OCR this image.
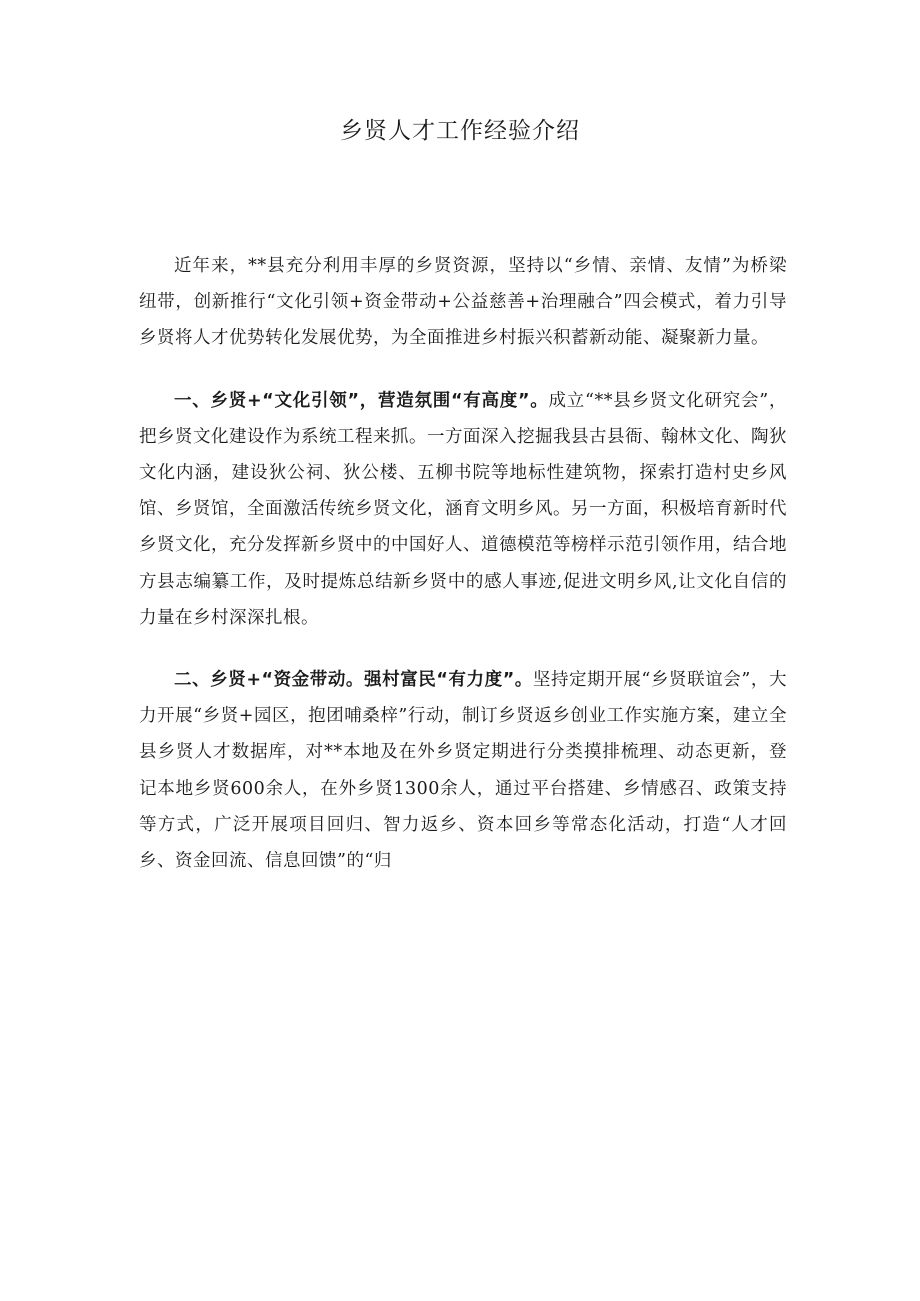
乡贤人才工作经验介绍

近年来，**县充分利用丰厚的乡贤资源，坚持以“乡情、亲情、友情”为桥梁纽带，创新推行“文化引领+资金带动+公益慈善+治理融合”四会模式，着力引导乡贤将人才优势转化发展优势，为全面推进乡村振兴积蓄新动能、凝聚新力量。

一、乡贤+“文化引领”，营造氛围“有高度”。成立“**县乡贤文化研究会”，把乡贤文化建设作为系统工程来抓。一方面深入挖掘我县古县衙、翰林文化、陶狄文化内涵，建设狄公祠、狄公楼、五柳书院等地标性建筑物，探索打造村史乡风馆、乡贤馆，全面激活传统乡贤文化，涵育文明乡风。另一方面，积极培育新时代乡贤文化，充分发挥新乡贤中的中国好人、道德模范等榜样示范引领作用，结合地方县志编纂工作，及时提炼总结新乡贤中的感人事迹,促进文明乡风,让文化自信的力量在乡村深深扎根。

二、乡贤+“资金带动。强村富民“有力度”。坚持定期开展“乡贤联谊会”，大力开展“乡贤+园区，抱团哺桑梓”行动，制订乡贤返乡创业工作实施方案，建立全县乡贤人才数据库，对**本地及在外乡贤定期进行分类摸排梳理、动态更新，登记本地乡贤600余人，在外乡贤1300余人，通过平台搭建、乡情感召、政策支持等方式，广泛开展项目回归、智力返乡、资本回乡等常态化活动，打造“人才回乡、资金回流、信息回馈”的“归
